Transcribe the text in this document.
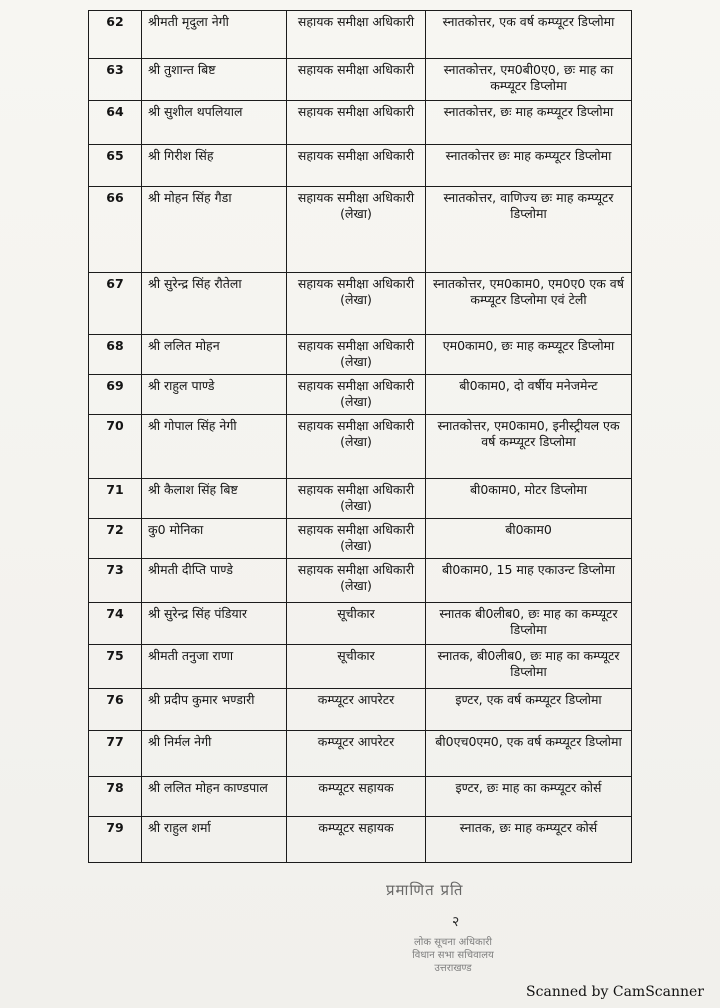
62	श्रीमती मृदुला नेगी	सहायक समीक्षा अधिकारी	स्नातकोत्तर, एक वर्ष कम्प्यूटर डिप्लोमा
63	श्री तुशान्त बिष्ट	सहायक समीक्षा अधिकारी	स्नातकोत्तर, एम0बी0ए0, छः माह का कम्प्यूटर डिप्लोमा
64	श्री सुशील थपलियाल	सहायक समीक्षा अधिकारी	स्नातकोत्तर, छः माह कम्प्यूटर डिप्लोमा
65	श्री गिरीश सिंह	सहायक समीक्षा अधिकारी	स्नातकोत्तर छः माह कम्प्यूटर डिप्लोमा
66	श्री मोहन सिंह गैडा	सहायक समीक्षा अधिकारी (लेखा)	स्नातकोत्तर, वाणिज्य छः माह कम्प्यूटर डिप्लोमा
67	श्री सुरेन्द्र सिंह रौतेला	सहायक समीक्षा अधिकारी (लेखा)	स्नातकोत्तर, एम0काम0, एम0ए0 एक वर्ष कम्प्यूटर डिप्लोमा एवं टेली
68	श्री ललित मोहन	सहायक समीक्षा अधिकारी (लेखा)	एम0काम0, छः माह कम्प्यूटर डिप्लोमा
69	श्री राहुल पाण्डे	सहायक समीक्षा अधिकारी (लेखा)	बी0काम0, दो वर्षीय मनेजमेन्ट
70	श्री गोपाल सिंह नेगी	सहायक समीक्षा अधिकारी (लेखा)	स्नातकोत्तर, एम0काम0, इनीस्ट्रीयल एक वर्ष कम्प्यूटर डिप्लोमा
71	श्री कैलाश सिंह बिष्ट	सहायक समीक्षा अधिकारी (लेखा)	बी0काम0, मोटर डिप्लोमा
72	कु0 मोनिका	सहायक समीक्षा अधिकारी (लेखा)	बी0काम0
73	श्रीमती दीप्ति पाण्डे	सहायक समीक्षा अधिकारी (लेखा)	बी0काम0, 15 माह एकाउन्ट डिप्लोमा
74	श्री सुरेन्द्र सिंह पंडियार	सूचीकार	स्नातक बी0लीब0, छः माह का कम्प्यूटर डिप्लोमा
75	श्रीमती तनुजा राणा	सूचीकार	स्नातक, बी0लीब0, छः माह का कम्प्यूटर डिप्लोमा
76	श्री प्रदीप कुमार भण्डारी	कम्प्यूटर आपरेटर	इण्टर, एक वर्ष कम्प्यूटर डिप्लोमा
77	श्री निर्मल नेगी	कम्प्यूटर आपरेटर	बी0एच0एम0, एक वर्ष कम्प्यूटर डिप्लोमा
78	श्री ललित मोहन काण्डपाल	कम्प्यूटर सहायक	इण्टर, छः माह का कम्प्यूटर कोर्स
79	श्री राहुल शर्मा	कम्प्यूटर सहायक	स्नातक, छः माह कम्प्यूटर कोर्स
प्रमाणित प्रति
२
लोक सूचना अधिकारी
विधान सभा सचिवालय
उत्तराखण्ड
Scanned by CamScanner
